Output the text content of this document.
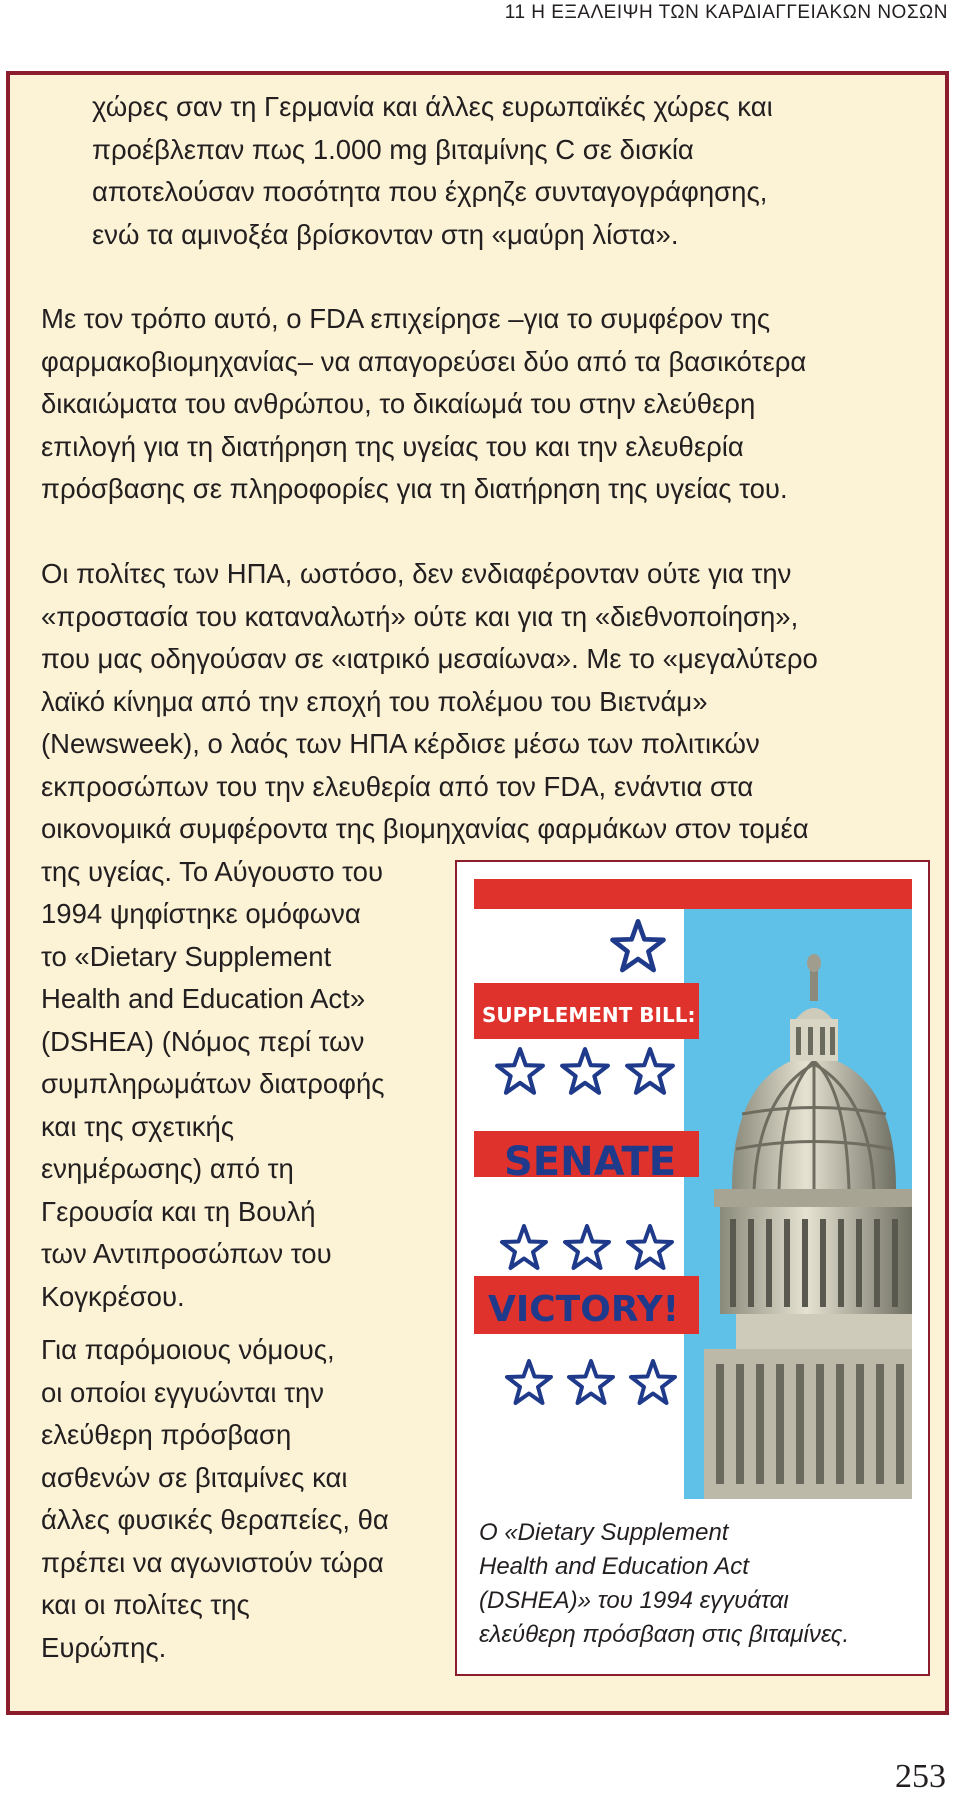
11 Η ΕΞΑΛΕΙΨΗ ΤΩΝ ΚΑΡΔΙΑΓΓΕΙΑΚΩΝ ΝΟΣΩΝ

χώρες σαν τη Γερμανία και άλλες ευρωπαϊκές χώρες και
προέβλεπαν πως 1.000 mg βιταμίνης C σε δισκία
αποτελούσαν ποσότητα που έχρηζε συνταγογράφησης,
ενώ τα αμινοξέα βρίσκονταν στη «μαύρη λίστα».

Με τον τρόπο αυτό, ο FDA επιχείρησε –για το συμφέρον της
φαρμακοβιομηχανίας– να απαγορεύσει δύο από τα βασικότερα
δικαιώματα του ανθρώπου, το δικαίωμά του στην ελεύθερη
επιλογή για τη διατήρηση της υγείας του και την ελευθερία
πρόσβασης σε πληροφορίες για τη διατήρηση της υγείας του.

Οι πολίτες των ΗΠΑ, ωστόσο, δεν ενδιαφέρονταν ούτε για την
«προστασία του καταναλωτή» ούτε και για τη «διεθνοποίηση»,
που μας οδηγούσαν σε «ιατρικό μεσαίωνα». Με το «μεγαλύτερο
λαϊκό κίνημα από την εποχή του πολέμου του Βιετνάμ»
(Newsweek), ο λαός των ΗΠΑ κέρδισε μέσω των πολιτικών
εκπροσώπων του την ελευθερία από τον FDA, ενάντια στα
οικονομικά συμφέροντα της βιομηχανίας φαρμάκων στον τομέα
της υγείας. Το Αύγουστο του
1994 ψηφίστηκε ομόφωνα
το «Dietary Supplement
Health and Education Act»
(DSHEA) (Νόμος περί των
συμπληρωμάτων διατροφής
και της σχετικής
ενημέρωσης) από τη
Γερουσία και τη Βουλή
των Αντιπροσώπων του
Κογκρέσου.

Για παρόμοιους νόμους,
οι οποίοι εγγυώνται την
ελεύθερη πρόσβαση
ασθενών σε βιταμίνες και
άλλες φυσικές θεραπείες, θα
πρέπει να αγωνιστούν τώρα
και οι πολίτες της
Ευρώπης.

SUPPLEMENT BILL:
SENATE
VICTORY!

Ο «Dietary Supplement
Health and Education Act
(DSHEA)» του 1994 εγγυάται
ελεύθερη πρόσβαση στις βιταμίνες.

253
